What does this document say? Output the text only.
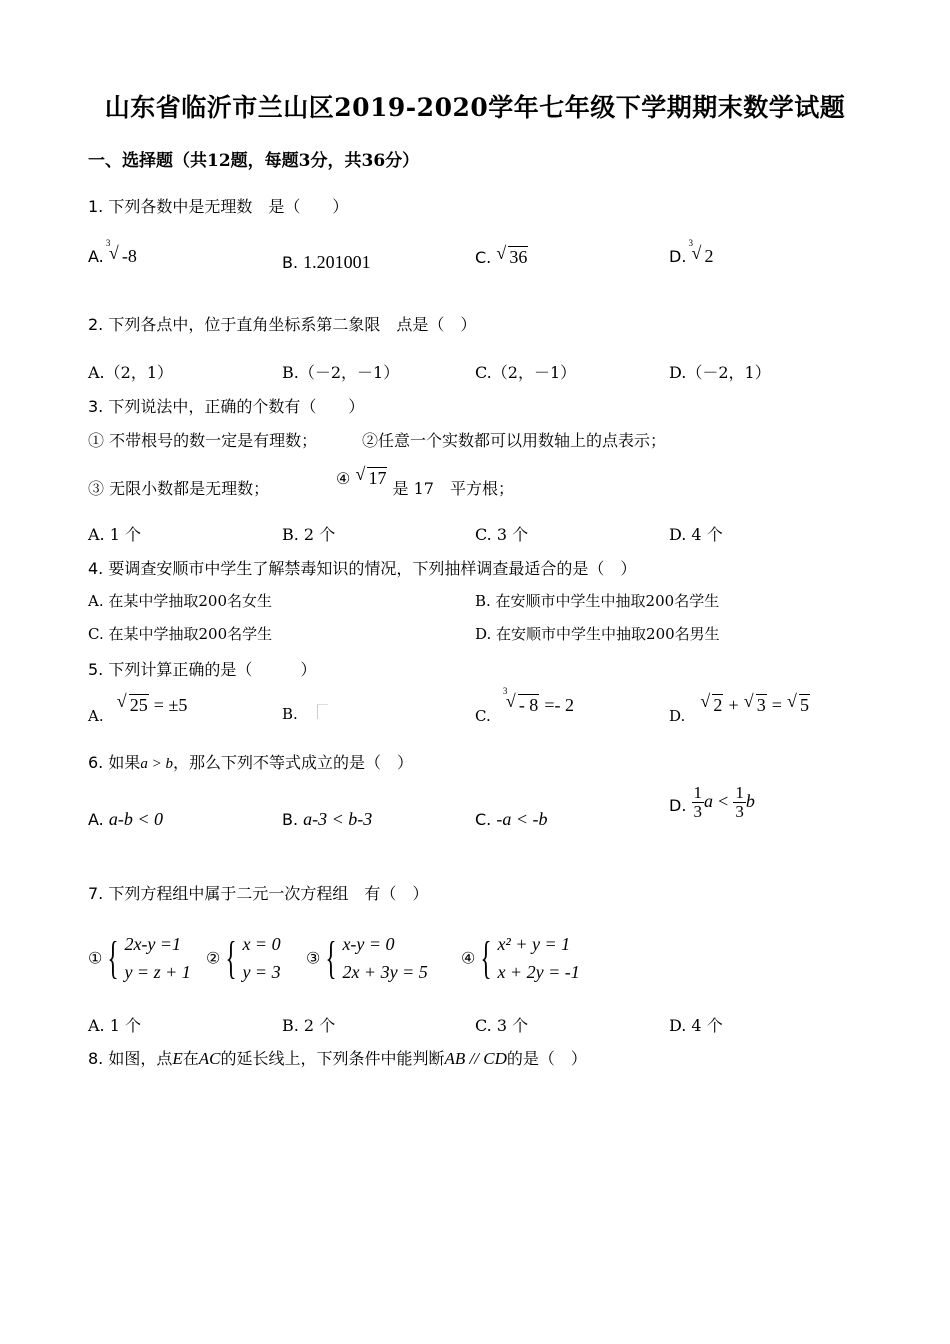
山东省临沂市兰山区2019-2020学年七年级下学期期末数学试题
一、选择题（共12题，每题3分，共36分）
1. 下列各数中是无理数　是（　　）
A.
3
√ -8	B. 1.201001	C. √ 36	D.
3
√ 2
2. 下列各点中，位于直角坐标系第二象限　点是（　）
A.（2，1）	B.（－2，－1）	C.（2，－1）	D.（－2，1）
3. 下列说法中，正确的个数有（　　）
① 不带根号的数一定是有理数；	②任意一个实数都可以用数轴上的点表示；
③ 无限小数都是无理数；
④ √ 17 是 17　平方根；
A. 1 个	B. 2 个	C. 3 个	D. 4 个
4. 要调查安顺市中学生了解禁毒知识的情况，下列抽样调查最适合的是（　）
A. 在某中学抽取200名女生	B. 在安顺市中学生中抽取200名学生
C. 在某中学抽取200名学生	D. 在安顺市中学生中抽取200名男生
5. 下列计算正确的是（　　　）
A.
√ 25 = ±5	B.	C.
3
√ - 8 =- 2
D.
√ 2 + √ 3 = √ 5
6. 如果a > b，那么下列不等式成立的是（　）
A. a-b < 0	B. a-3 < b-3	C. -a < -b
D. $\frac{1}{3}$ $a < \frac{1}{3}$ b
7. 下列方程组中属于二元一次方程组　有（　）
① { 2x-y =1
y = z + 1
② { x = 0
y = 3
③ { x-y = 0
2x + 3y = 5
④ { x² + y = 1
x + 2y = -1
A. 1 个	B. 2 个	C. 3 个	D. 4 个
8. 如图，点E在AC的延长线上，下列条件中能判断AB // CD的是（　）
